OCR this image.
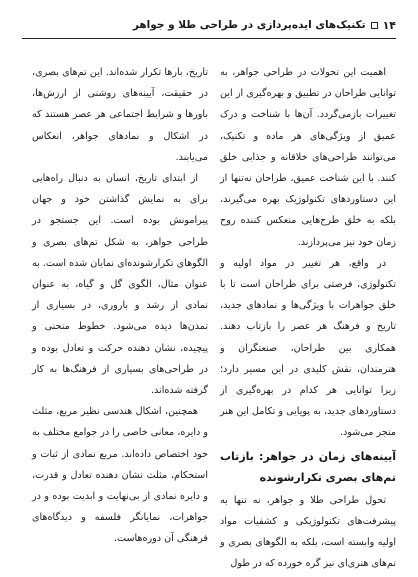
۱۴
تکنیک‌های ایده‌پردازی در طراحی طلا و جواهر

اهمیت این تحولات در طراحی جواهر، به توانایی طراحان در تطبیق و بهره‌گیری از این تغییرات بازمی‌گردد. آن‌ها با شناخت و درک عمیق از ویژگی‌های هر ماده و تکنیک، می‌توانند طراحی‌های خلاقانه و جذابی خلق کنند. با این شناخت عمیق، طراحان نه‌تنها از این دستاوردهای تکنولوژیک بهره می‌گیرند، بلکه به خلق طرح‌هایی منعکس کننده روح زمان خود نیز می‌پردازند.

در واقع، هر تغییر در مواد اولیه و تکنولوژی، فرصتی برای طراحان است تا با خلق جواهرات با ویژگی‌ها و نمادهای جدید، تاریخ و فرهنگ هر عصر را بازتاب دهند. همکاری بین طراحان، صنعتگران و هنرمندان، نقش کلیدی در این مسیر دارد؛ زیرا توانایی هر کدام در بهره‌گیری از دستاوردهای جدید، به پویایی و تکامل این هنر منجر می‌شود.

آیینه‌های زمان در جواهر: بازتاب تم‌های بصری تکرارشونده

تحول طراحی طلا و جواهر، نه تنها به پیشرفت‌های تکنولوژیکی و کشفیات مواد اولیه وابسته است، بلکه به الگوهای بصری و تم‌های هنری‌ای نیز گره خورده که در طول

تاریخ، بارها تکرار شده‌اند. این تم‌های بصری، در حقیقت، آیینه‌های روشنی از ارزش‌ها، باورها و شرایط اجتماعی هر عصر هستند که در اشکال و نمادهای جواهر، انعکاس می‌یابند.

از ابتدای تاریخ، انسان به دنبال راه‌هایی برای به نمایش گذاشتن خود و جهان پیرامونش بوده است. این جستجو در طراحی جواهر، به شکل تم‌های بصری و الگوهای تکرارشونده‌ای نمایان شده است. به عنوان مثال، الگوی گل و گیاه، به عنوان نمادی از رشد و باروری، در بسیاری از تمدن‌ها دیده می‌شود. خطوط منحنی و پیچیده، نشان دهنده حرکت و تعادل بوده و در طراحی‌های بسیاری از فرهنگ‌ها به کار گرفته شده‌اند.

همچنین، اشکال هندسی نظیر مربع، مثلث و دایره، معانی خاصی را در جوامع مختلف به خود اختصاص داده‌اند. مربع نمادی از ثبات و استحکام، مثلث نشان دهنده تعادل و قدرت، و دایره نمادی از بی‌نهایت و ابدیت بوده و در جواهرات، نمایانگر فلسفه و دیدگاه‌های فرهنگی آن دوره‌هاست.
